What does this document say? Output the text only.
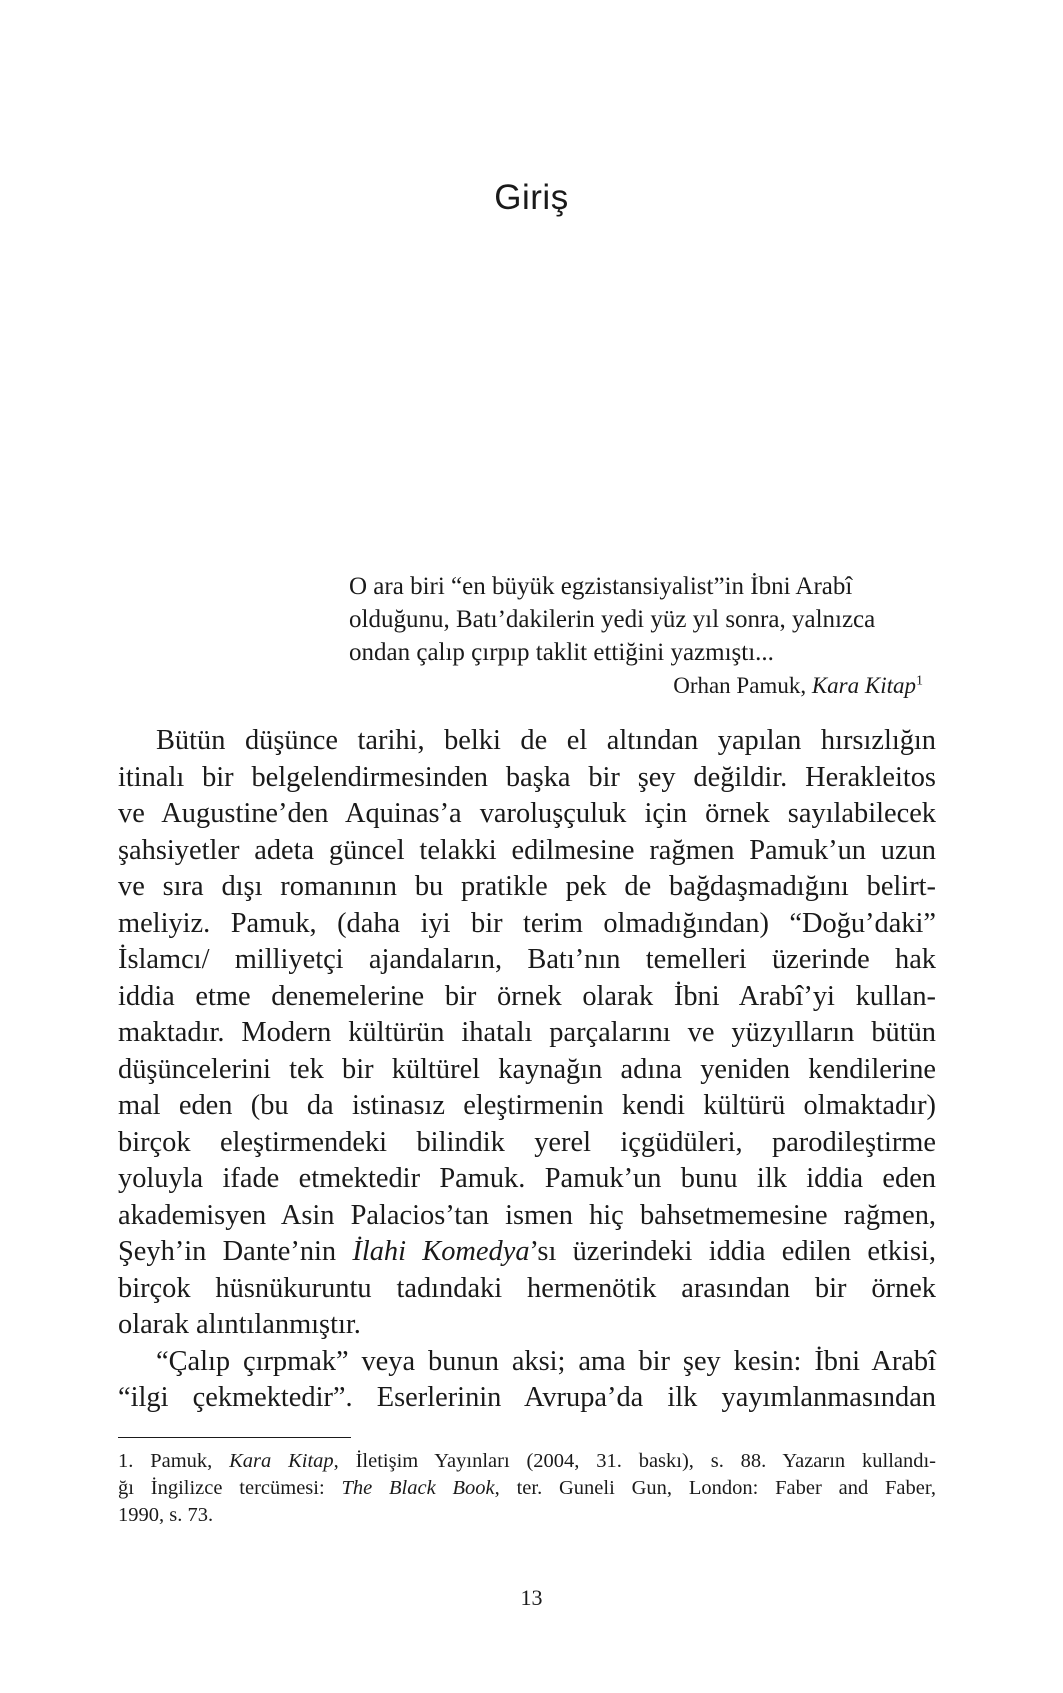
Giriş
O ara biri “en büyük egzistansiyalist”in İbni Arabî
olduğunu, Batı’dakilerin yedi yüz yıl sonra, yalnızca
ondan çalıp çırpıp taklit ettiğini yazmıştı...
Orhan Pamuk, Kara Kitap$^1$
Bütün düşünce tarihi, belki de el altından yapılan hırsızlığın
itinalı bir belgelendirmesinden başka bir şey değildir. Herakleitos
ve Augustine’den Aquinas’a varoluşçuluk için örnek sayılabilecek
şahsiyetler adeta güncel telakki edilmesine rağmen Pamuk’un uzun
ve sıra dışı romanının bu pratikle pek de bağdaşmadığını belirt-
meliyiz. Pamuk, (daha iyi bir terim olmadığından) “Doğu’daki”
İslamcı/ milliyetçi ajandaların, Batı’nın temelleri üzerinde hak
iddia etme denemelerine bir örnek olarak İbni Arabî’yi kullan-
maktadır. Modern kültürün ihatalı parçalarını ve yüzyılların bütün
düşüncelerini tek bir kültürel kaynağın adına yeniden kendilerine
mal eden (bu da istinasız eleştirmenin kendi kültürü olmaktadır)
birçok eleştirmendeki bilindik yerel içgüdüleri, parodileştirme
yoluyla ifade etmektedir Pamuk. Pamuk’un bunu ilk iddia eden
akademisyen Asin Palacios’tan ismen hiç bahsetmemesine rağmen,
Şeyh’in Dante’nin İlahi Komedya’sı üzerindeki iddia edilen etkisi,
birçok hüsnükuruntu tadındaki hermenötik arasından bir örnek
olarak alıntılanmıştır.
“Çalıp çırpmak” veya bunun aksi; ama bir şey kesin: İbni Arabî
“ilgi çekmektedir”. Eserlerinin Avrupa’da ilk yayımlanmasından
1. Pamuk, Kara Kitap, İletişim Yayınları (2004, 31. baskı), s. 88. Yazarın kullandı-
ğı İngilizce tercümesi: The Black Book, ter. Guneli Gun, London: Faber and Faber,
1990, s. 73.
13
